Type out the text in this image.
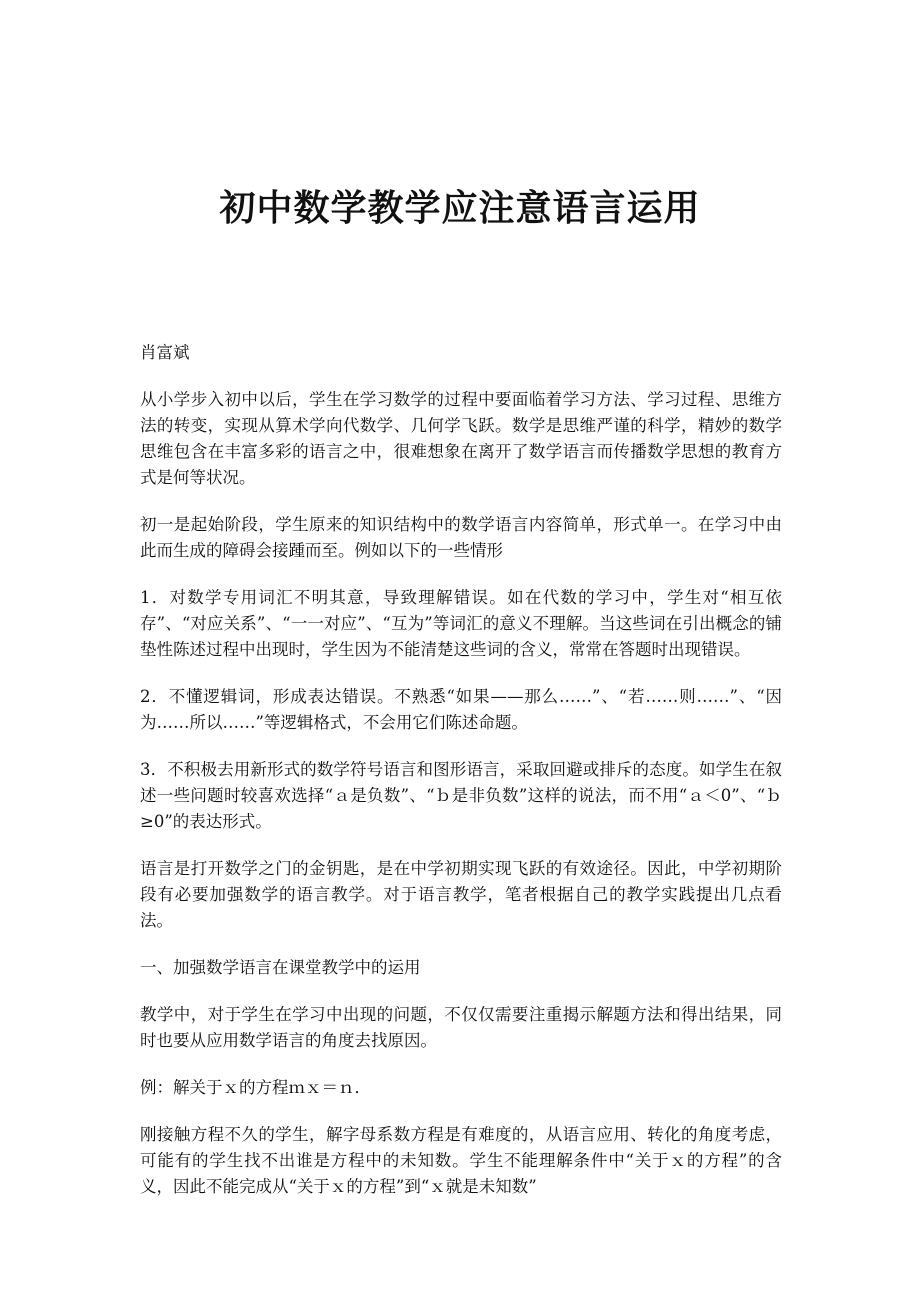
初中数学教学应注意语言运用

肖富斌

从小学步入初中以后，学生在学习数学的过程中要面临着学习方法、学习过程、思维方法的转变，实现从算术学向代数学、几何学飞跃。数学是思维严谨的科学，精妙的数学思维包含在丰富多彩的语言之中，很难想象在离开了数学语言而传播数学思想的教育方式是何等状况。

初一是起始阶段，学生原来的知识结构中的数学语言内容简单，形式单一。在学习中由此而生成的障碍会接踵而至。例如以下的一些情形

1．对数学专用词汇不明其意，导致理解错误。如在代数的学习中，学生对“相互依存”、“对应关系”、“一一对应”、“互为”等词汇的意义不理解。当这些词在引出概念的铺垫性陈述过程中出现时，学生因为不能清楚这些词的含义，常常在答题时出现错误。

2．不懂逻辑词，形成表达错误。不熟悉“如果——那么……”、“若……则……”、“因为……所以……”等逻辑格式，不会用它们陈述命题。

3．不积极去用新形式的数学符号语言和图形语言，采取回避或排斥的态度。如学生在叙述一些问题时较喜欢选择“ａ是负数”、“ｂ是非负数”这样的说法，而不用“ａ＜0”、“ｂ≥0”的表达形式。

语言是打开数学之门的金钥匙，是在中学初期实现飞跃的有效途径。因此，中学初期阶段有必要加强数学的语言教学。对于语言教学，笔者根据自己的教学实践提出几点看法。

一、加强数学语言在课堂教学中的运用

教学中，对于学生在学习中出现的问题，不仅仅需要注重揭示解题方法和得出结果，同时也要从应用数学语言的角度去找原因。

例：解关于ｘ的方程ｍｘ＝ｎ．

刚接触方程不久的学生，解字母系数方程是有难度的，从语言应用、转化的角度考虑，可能有的学生找不出谁是方程中的未知数。学生不能理解条件中“关于ｘ的方程”的含义，因此不能完成从“关于ｘ的方程”到“ｘ就是未知数”
